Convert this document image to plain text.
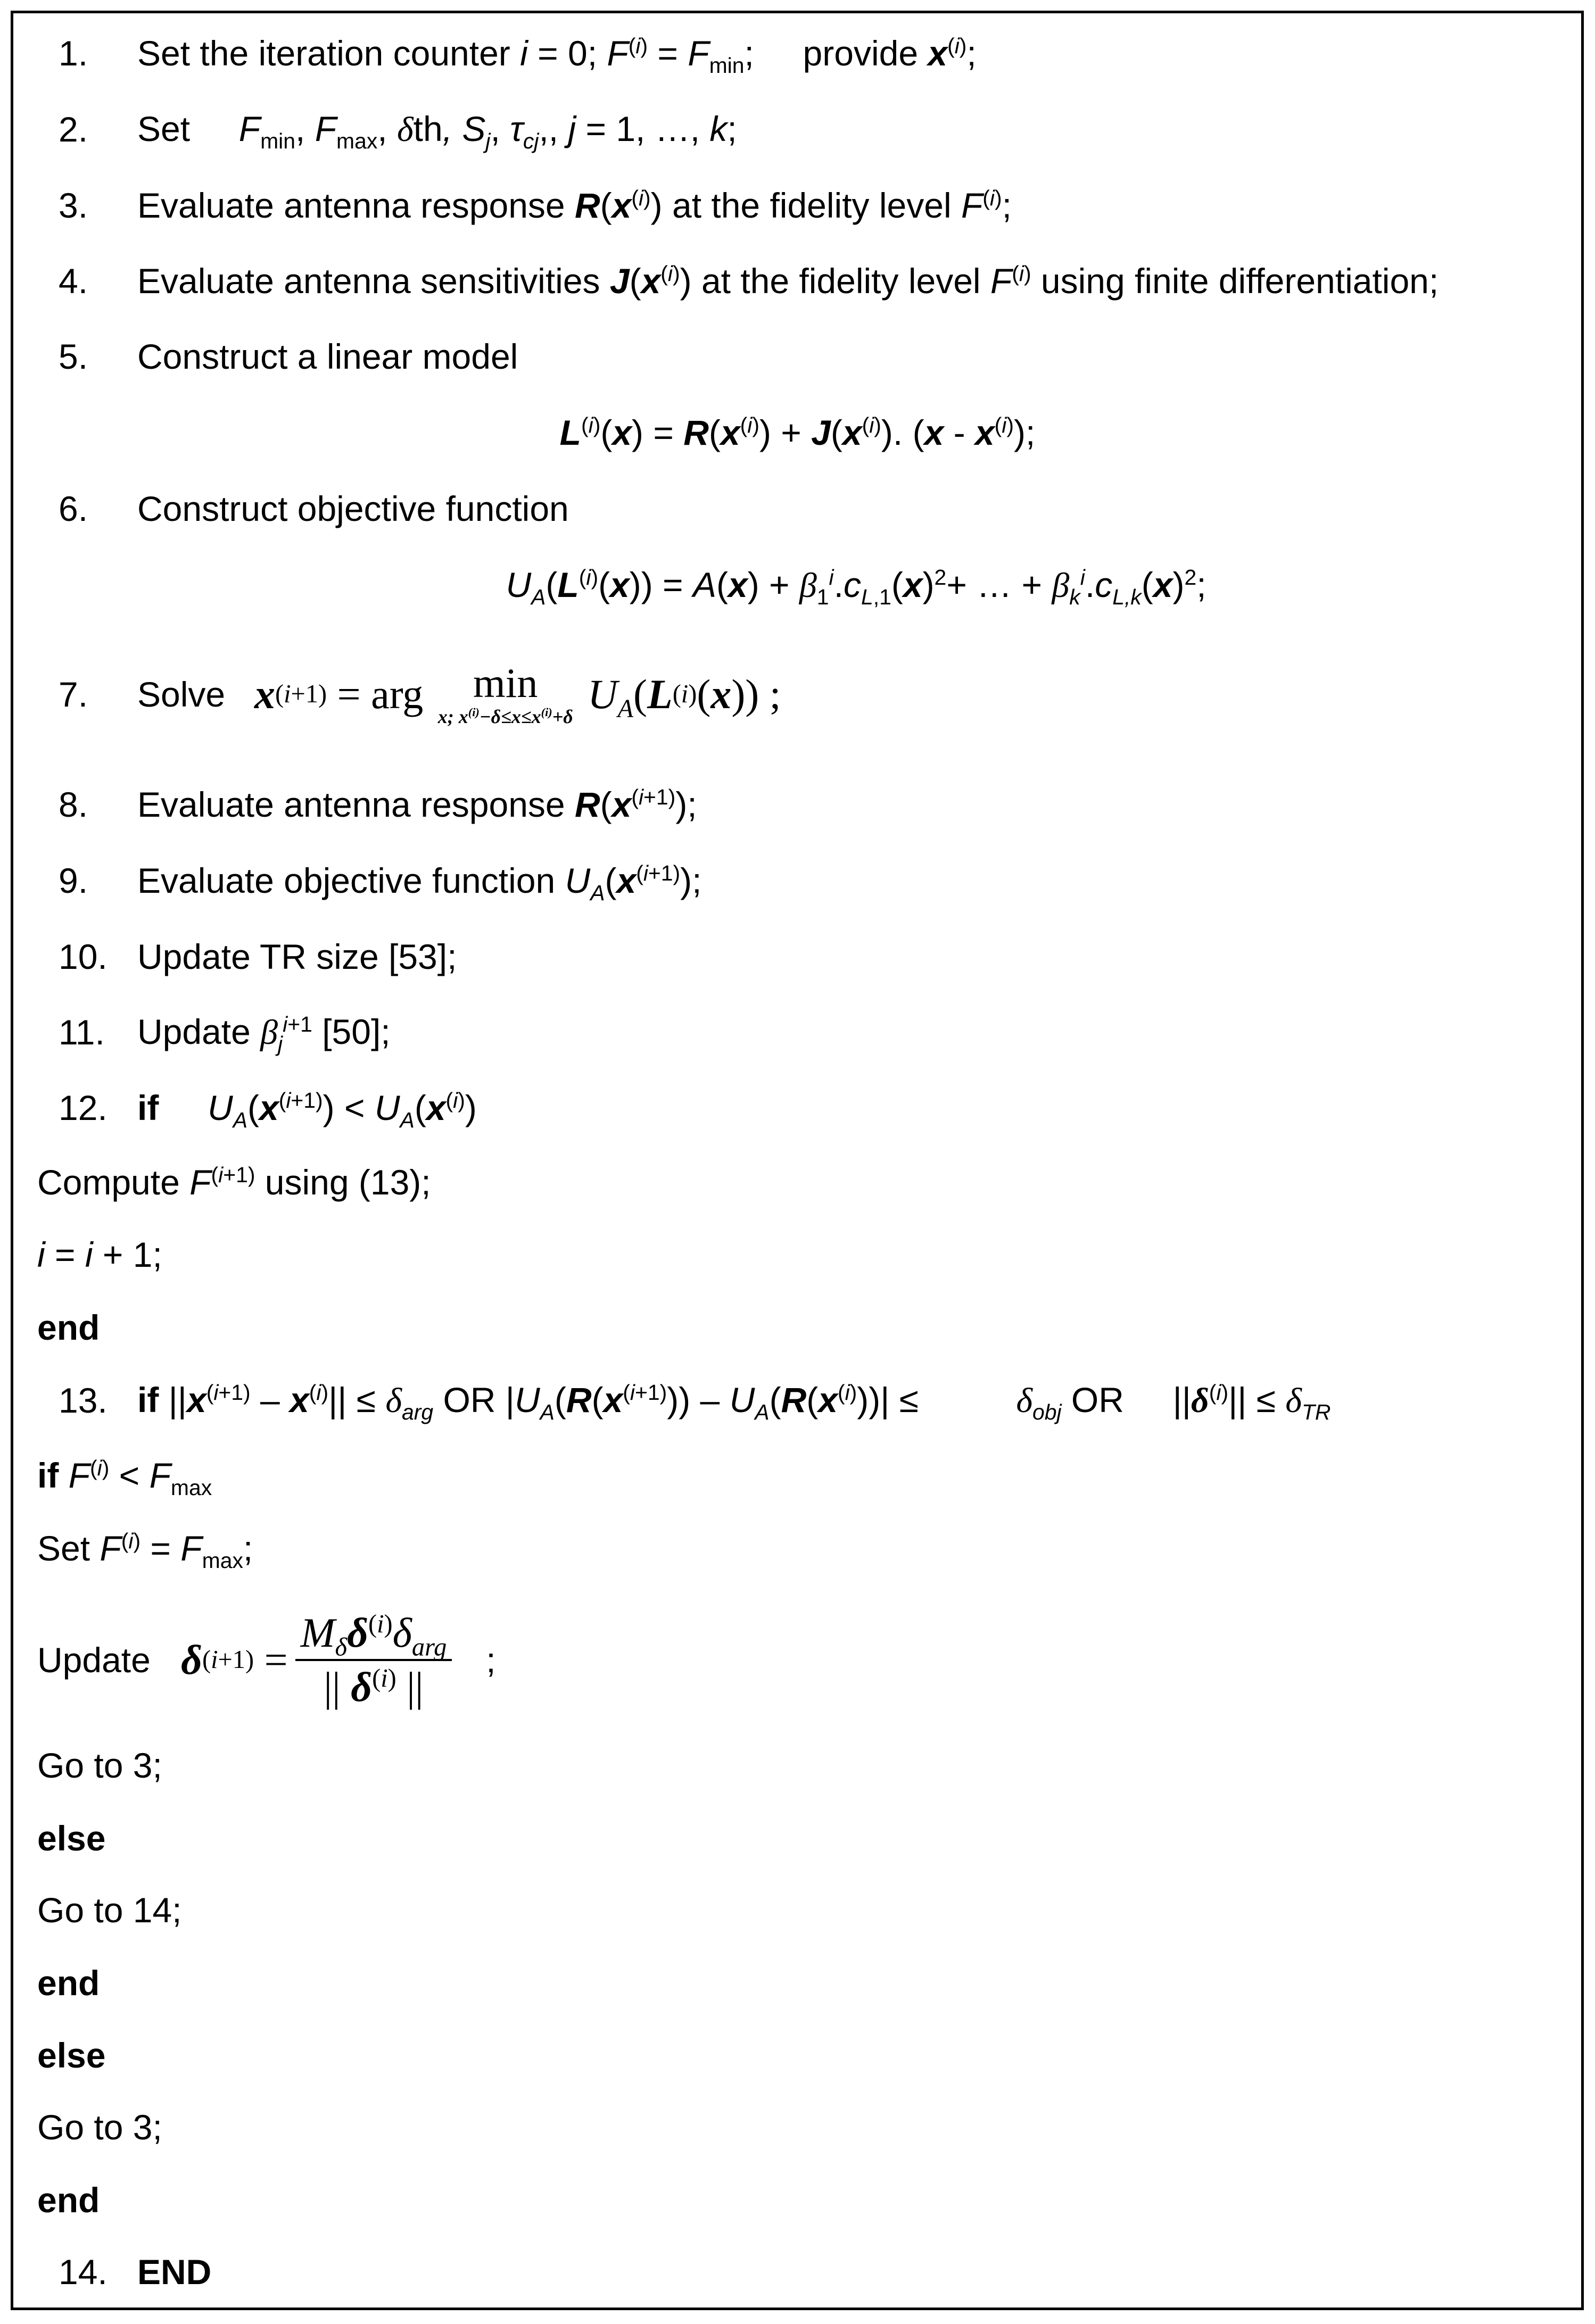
1. Set the iteration counter i = 0; $F^{(i)} = F_{min}$;     provide $x^{(i)}$;
2. Set     $F_{min}$, $F_{max}$, δth, $S_j$, $\tau_{cj}$,, j = 1, …, k;
3. Evaluate antenna response $R(x^{(i)})$ at the fidelity level $F^{(i)}$;
4. Evaluate antenna sensitivities $J(x^{(i)})$ at the fidelity level $F^{(i)}$ using finite differentiation;
5. Construct a linear model
$L^{(i)}(x) = R(x^{(i)}) + J(x^{(i)})$. $(x - x^{(i)})$;
6. Construct objective function
$U_A(L^{(i)}(x)) = A(x) + \beta_1^i.c_{L,1}(x)^2+$ … + $\beta_k^i.c_{L,k}(x)^2$;
7. Solve x (i+1) = arg min
x; $x^{(i)}-\delta\le x\le x^{(i)}+\delta$
$U_A$ ( L (i) ( x )) ;
8. Evaluate antenna response $R(x^{(i+1)})$;
9. Evaluate objective function $U_A(x^{(i+1)})$;
10. Update TR size [53];
11. Update $\beta_j^{i+1}$ [50];
12. if $U_A(x^{(i+1)}) < U_A(x^{(i)})$
Compute $F^{(i+1)}$ using (13);
i = i + 1;
end
13. if $||x^{(i+1)} - x^{(i)}|| \le \delta_{arg}$ OR $|U_A(R(x^{(i+1)})) - U_A(R(x^{(i)}))|$ ≤          $\delta_{obj}$ OR     $||\delta^{(i)}|| \le \delta_{TR}$
if $F^{(i)} < F_{max}$
Set $F^{(i)} = F_{max}$;
Update δ $(i+1) = \frac{M_\delta\delta^{(i)}\delta_{arg}}{|| \delta^{(i)} ||}$ ;
Go to 3;
else
Go to 14;
end
else
Go to 3;
end
14. END
